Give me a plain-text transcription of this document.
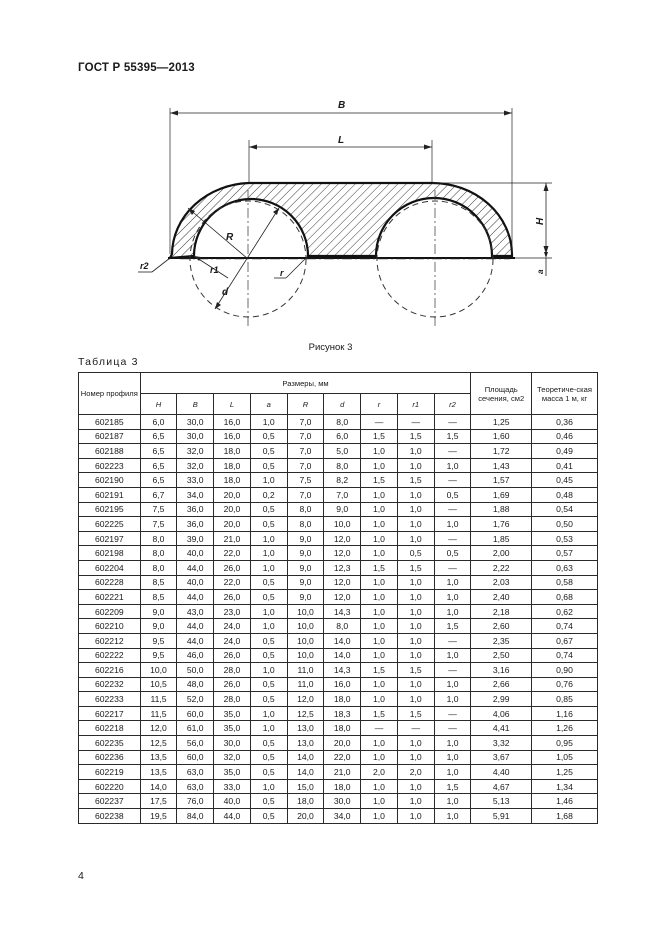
ГОСТ Р 55395—2013
B
L
H
a
R
d
r1
r2
r
Рисунок 3
Таблица 3
Номер профиля	Размеры, мм									Площадь сечения, см2	Теоретиче-ская масса 1 м, кг
	H	B	L	a	R	d	r	r1	r2		
602185	6,0	30,0	16,0	1,0	7,0	8,0	—	—	—	1,25	0,36
602187	6,5	30,0	16,0	0,5	7,0	6,0	1,5	1,5	1,5	1,60	0,46
602188	6,5	32,0	18,0	0,5	7,0	5,0	1,0	1,0	—	1,72	0,49
602223	6,5	32,0	18,0	0,5	7,0	8,0	1,0	1,0	1,0	1,43	0,41
602190	6,5	33,0	18,0	1,0	7,5	8,2	1,5	1,5	—	1,57	0,45
602191	6,7	34,0	20,0	0,2	7,0	7,0	1,0	1,0	0,5	1,69	0,48
602195	7,5	36,0	20,0	0,5	8,0	9,0	1,0	1,0	—	1,88	0,54
602225	7,5	36,0	20,0	0,5	8,0	10,0	1,0	1,0	1,0	1,76	0,50
602197	8,0	39,0	21,0	1,0	9,0	12,0	1,0	1,0	—	1,85	0,53
602198	8,0	40,0	22,0	1,0	9,0	12,0	1,0	0,5	0,5	2,00	0,57
602204	8,0	44,0	26,0	1,0	9,0	12,3	1,5	1,5	—	2,22	0,63
602228	8,5	40,0	22,0	0,5	9,0	12,0	1,0	1,0	1,0	2,03	0,58
602221	8,5	44,0	26,0	0,5	9,0	12,0	1,0	1,0	1,0	2,40	0,68
602209	9,0	43,0	23,0	1,0	10,0	14,3	1,0	1,0	1,0	2,18	0,62
602210	9,0	44,0	24,0	1,0	10,0	8,0	1,0	1,0	1,5	2,60	0,74
602212	9,5	44,0	24,0	0,5	10,0	14,0	1,0	1,0	—	2,35	0,67
602222	9,5	46,0	26,0	0,5	10,0	14,0	1,0	1,0	1,0	2,50	0,74
602216	10,0	50,0	28,0	1,0	11,0	14,3	1,5	1,5	—	3,16	0,90
602232	10,5	48,0	26,0	0,5	11,0	16,0	1,0	1,0	1,0	2,66	0,76
602233	11,5	52,0	28,0	0,5	12,0	18,0	1,0	1,0	1,0	2,99	0,85
602217	11,5	60,0	35,0	1,0	12,5	18,3	1,5	1,5	—	4,06	1,16
602218	12,0	61,0	35,0	1,0	13,0	18,0	—	—	—	4,41	1,26
602235	12,5	56,0	30,0	0,5	13,0	20,0	1,0	1,0	1,0	3,32	0,95
602236	13,5	60,0	32,0	0,5	14,0	22,0	1,0	1,0	1,0	3,67	1,05
602219	13,5	63,0	35,0	0,5	14,0	21,0	2,0	2,0	1,0	4,40	1,25
602220	14,0	63,0	33,0	1,0	15,0	18,0	1,0	1,0	1,5	4,67	1,34
602237	17,5	76,0	40,0	0,5	18,0	30,0	1,0	1,0	1,0	5,13	1,46
602238	19,5	84,0	44,0	0,5	20,0	34,0	1,0	1,0	1,0	5,91	1,68
4
